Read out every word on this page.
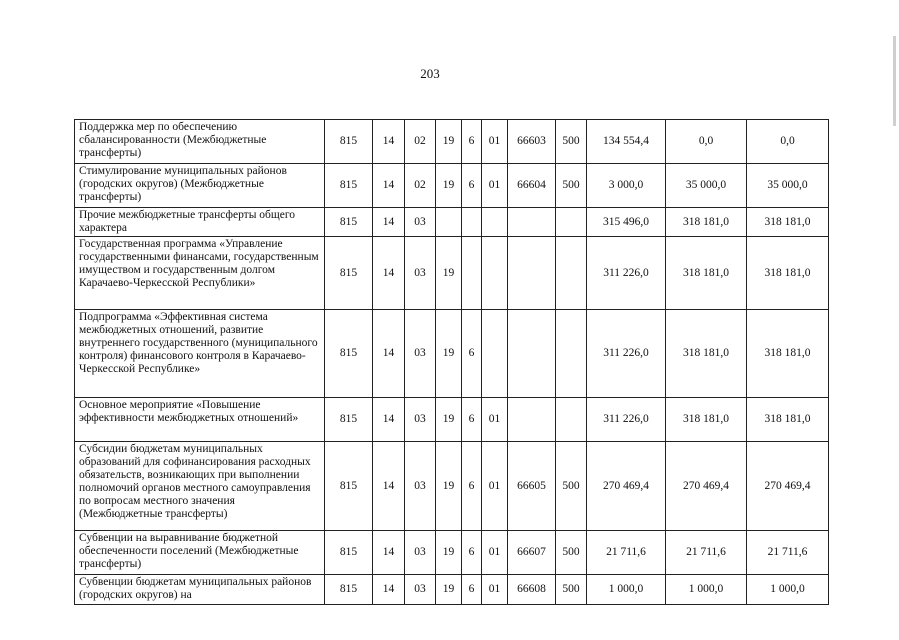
203
Поддержка мер по обеспечению сбалансированности (Межбюджетные трансферты)	815	14	02	19	6	01	66603	500	134 554,4	0,0	0,0
Стимулирование муниципальных районов (городских округов) (Межбюджетные трансферты)	815	14	02	19	6	01	66604	500	3 000,0	35 000,0	35 000,0
Прочие межбюджетные трансферты общего характера	815	14	03						315 496,0	318 181,0	318 181,0
Государственная программа «Управление государственными финансами, государственным имуществом и государственным долгом Карачаево-Черкесской Республики»	815	14	03	19					311 226,0	318 181,0	318 181,0
Подпрограмма «Эффективная система межбюджетных отношений, развитие внутреннего государственного (муниципального контроля) финансового контроля в Карачаево-Черкесской Республике»	815	14	03	19	6				311 226,0	318 181,0	318 181,0
Основное мероприятие «Повышение эффективности межбюджетных отношений»	815	14	03	19	6	01			311 226,0	318 181,0	318 181,0
Субсидии бюджетам муниципальных образований для софинансирования расходных обязательств, возникающих при выполнении полномочий органов местного самоуправления по вопросам местного значения (Межбюджетные трансферты)	815	14	03	19	6	01	66605	500	270 469,4	270 469,4	270 469,4
Субвенции на выравнивание бюджетной обеспеченности поселений (Межбюджетные трансферты)	815	14	03	19	6	01	66607	500	21 711,6	21 711,6	21 711,6
Субвенции бюджетам муниципальных районов (городских округов) на	815	14	03	19	6	01	66608	500	1 000,0	1 000,0	1 000,0
